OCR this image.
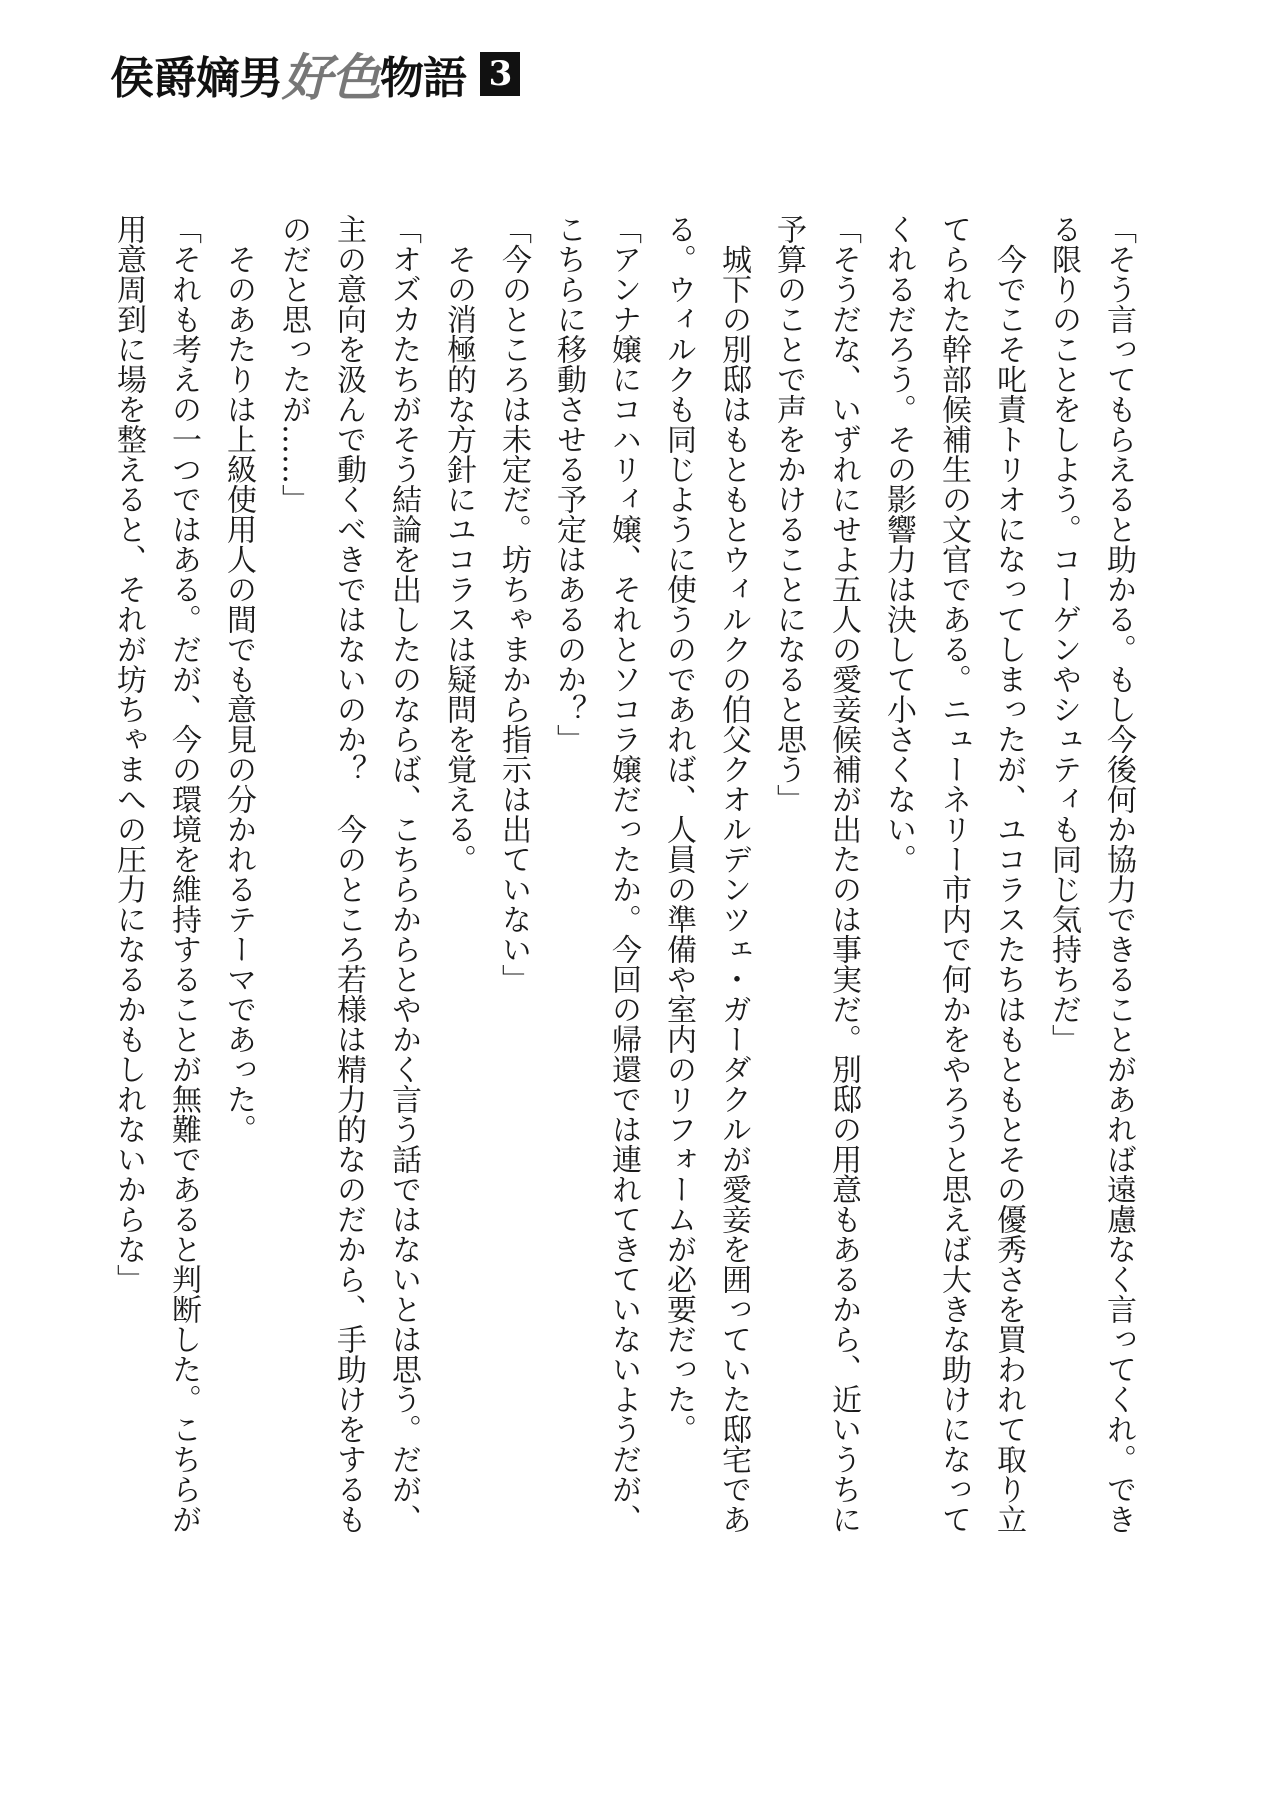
侯爵嫡男 好色 物語 3
「そう言ってもらえると助かる。もし今後何か協力できることがあれば遠慮なく言ってくれ。でき
る限りのことをしよう。コーゲンやシュティも同じ気持ちだ」
　今でこそ叱責トリオになってしまったが、ユコラスたちはもともとその優秀さを買われて取り立
てられた幹部候補生の文官である。ニューネリー市内で何かをやろうと思えば大きな助けになって
くれるだろう。その影響力は決して小さくない。
「そうだな、いずれにせよ五人の愛妾候補が出たのは事実だ。別邸の用意もあるから、近いうちに
予算のことで声をかけることになると思う」
　城下の別邸はもともとウィルクの伯父クオルデンツェ・ガーダクルが愛妾を囲っていた邸宅であ
る。ウィルクも同じように使うのであれば、人員の準備や室内のリフォームが必要だった。
「アンナ嬢にコハリィ嬢、それとソコラ嬢だったか。今回の帰還では連れてきていないようだが、
こちらに移動させる予定はあるのか？」
「今のところは未定だ。坊ちゃまから指示は出ていない」
　その消極的な方針にユコラスは疑問を覚える。
「オズカたちがそう結論を出したのならば、こちらからとやかく言う話ではないとは思う。だが、
主の意向を汲んで動くべきではないのか？　今のところ若様は精力的なのだから、手助けをするも
のだと思ったが……」
　そのあたりは上級使用人の間でも意見の分かれるテーマであった。
「それも考えの一つではある。だが、今の環境を維持することが無難であると判断した。こちらが
用意周到に場を整えると、それが坊ちゃまへの圧力になるかもしれないからな」
